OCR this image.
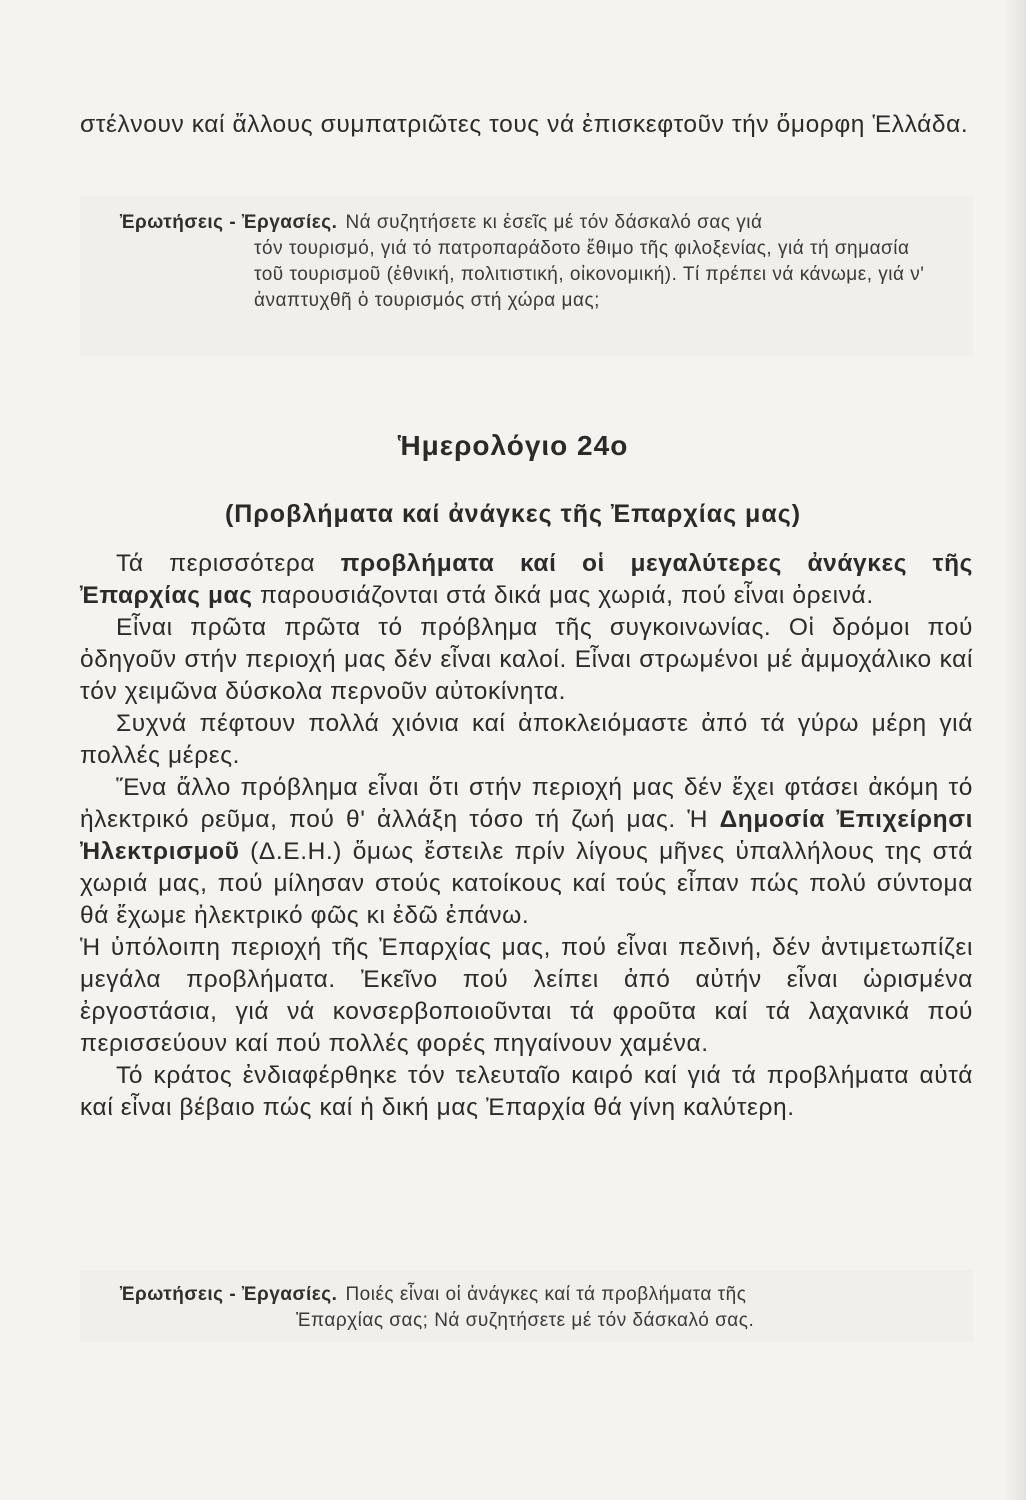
στέλνουν καί ἄλλους συμπατριῶτες τους νά ἐπισκεφτοῦν τήν ὄμορφη Ἑλλάδα.

Ἐρωτήσεις - Ἐργασίες. Νά συζητήσετε κι ἐσεῖς μέ τόν δάσκαλό σας γιά

τόν τουρισμό, γιά τό πατροπαράδοτο ἔθιμο τῆς φιλοξενίας, γιά τή σημασία τοῦ τουρισμοῦ (ἐθνική, πολιτιστική, οἰκονομική). Τί πρέπει νά κάνωμε, γιά ν' ἀναπτυχθῆ ὁ τουρισμός στή χώρα μας;

Ἡμερολόγιο 24ο
(Προβλήματα καί ἀνάγκες τῆς Ἐπαρχίας μας)

Τά περισσότερα προβλήματα καί οἱ μεγαλύτερες ἀνάγκες τῆς Ἐπαρχίας μας παρουσιάζονται στά δικά μας χωριά, πού εἶναι ὀρεινά.

Εἶναι πρῶτα πρῶτα τό πρόβλημα τῆς συγκοινωνίας. Οἱ δρόμοι πού ὁδηγοῦν στήν περιοχή μας δέν εἶναι καλοί. Εἶναι στρωμένοι μέ ἀμμοχάλικο καί τόν χειμῶνα δύσκολα περνοῦν αὐτοκίνητα.

Συχνά πέφτουν πολλά χιόνια καί ἀποκλειόμαστε ἀπό τά γύρω μέρη γιά πολλές μέρες.

Ἕνα ἄλλο πρόβλημα εἶναι ὅτι στήν περιοχή μας δέν ἔχει φτάσει ἀκόμη τό ἠλεκτρικό ρεῦμα, πού θ' ἀλλάξη τόσο τή ζωή μας. Ἡ Δημοσία Ἐπιχείρησι Ἠλεκτρισμοῦ (Δ.Ε.Η.) ὅμως ἔστειλε πρίν λίγους μῆνες ὑπαλλήλους της στά χωριά μας, πού μίλησαν στούς κατοίκους καί τούς εἶπαν πώς πολύ σύντομα θά ἔχωμε ἠλεκτρικό φῶς κι ἐδῶ ἐπάνω.

Ἡ ὑπόλοιπη περιοχή τῆς Ἐπαρχίας μας, πού εἶναι πεδινή, δέν ἀντιμετωπίζει μεγάλα προβλήματα. Ἐκεῖνο πού λείπει ἀπό αὐτήν εἶναι ὡρισμένα ἐργοστάσια, γιά νά κονσερβοποιοῦνται τά φροῦτα καί τά λαχανικά πού περισσεύουν καί πού πολλές φορές πηγαίνουν χαμένα.

Τό κράτος ἐνδιαφέρθηκε τόν τελευταῖο καιρό καί γιά τά προβλήματα αὐτά καί εἶναι βέβαιο πώς καί ἡ δική μας Ἐπαρχία θά γίνη καλύτερη.

Ἐρωτήσεις - Ἐργασίες. Ποιές εἶναι οἱ ἀνάγκες καί τά προβλήματα τῆς

Ἐπαρχίας σας; Νά συζητήσετε μέ τόν δάσκαλό σας.
